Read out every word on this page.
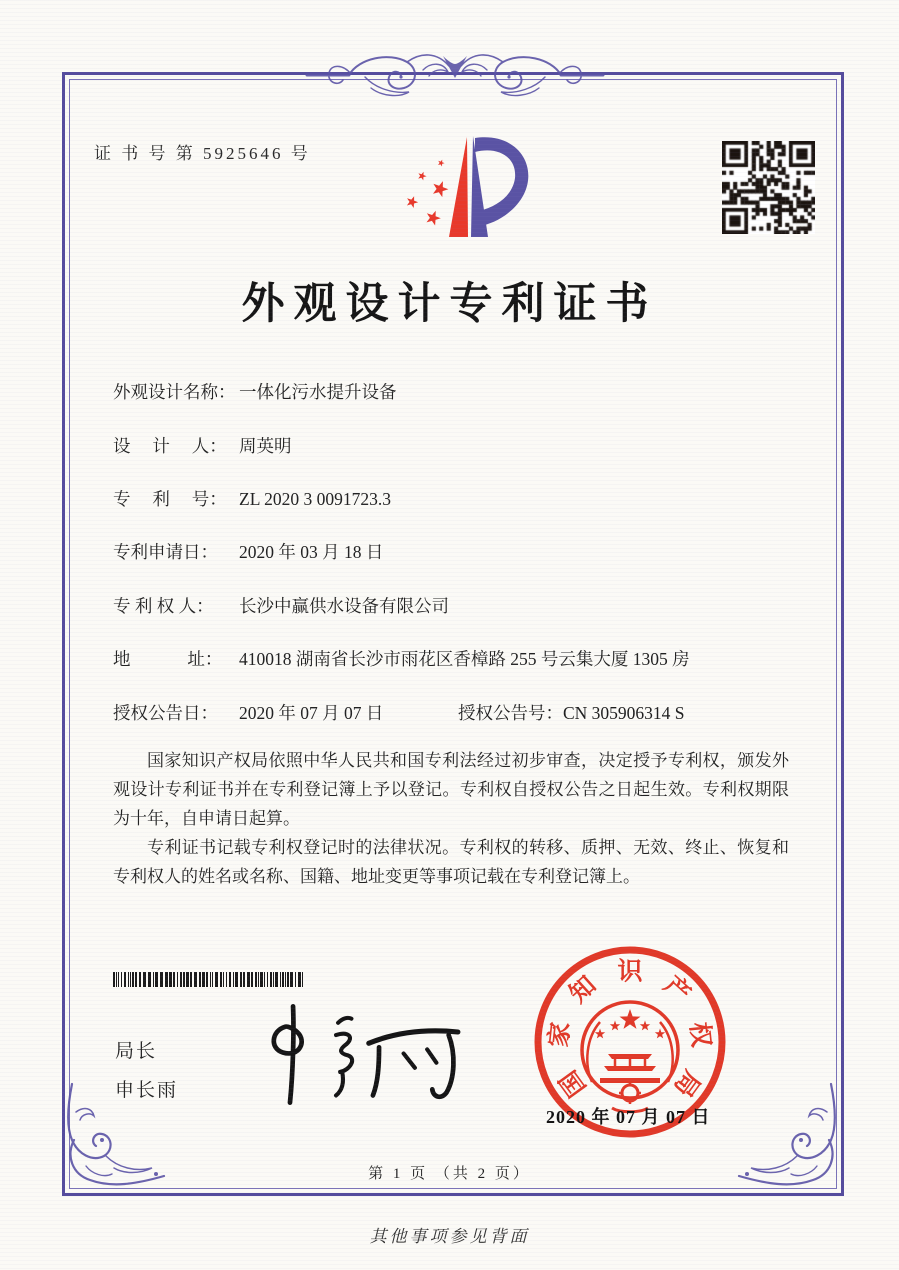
证 书 号 第 5925646 号
外观设计专利证书
外观设计名称： 一体化污水提升设备
设　 计 　人： 周英明
专　 利 　号： ZL 2020 3 0091723.3
专利申请日： 2020 年 03 月 18 日
专 利 权 人： 长沙中赢供水设备有限公司
地　　　 址： 410018 湖南省长沙市雨花区香樟路 255 号云集大厦 1305 房
授权公告日： 2020 年 07 月 07 日	授权公告号：CN 305906314 S

国家知识产权局依照中华人民共和国专利法经过初步审查，决定授予专利权，颁发外观设计专利证书并在专利登记簿上予以登记。专利权自授权公告之日起生效。专利权期限为十年，自申请日起算。

专利证书记载专利权登记时的法律状况。专利权的转移、质押、无效、终止、恢复和专利权人的姓名或名称、国籍、地址变更等事项记载在专利登记簿上。

局长
申长雨	国
家
知 识 产
权
局
2020 年 07 月 07 日
第 1 页 （共 2 页）
其他事项参见背面
